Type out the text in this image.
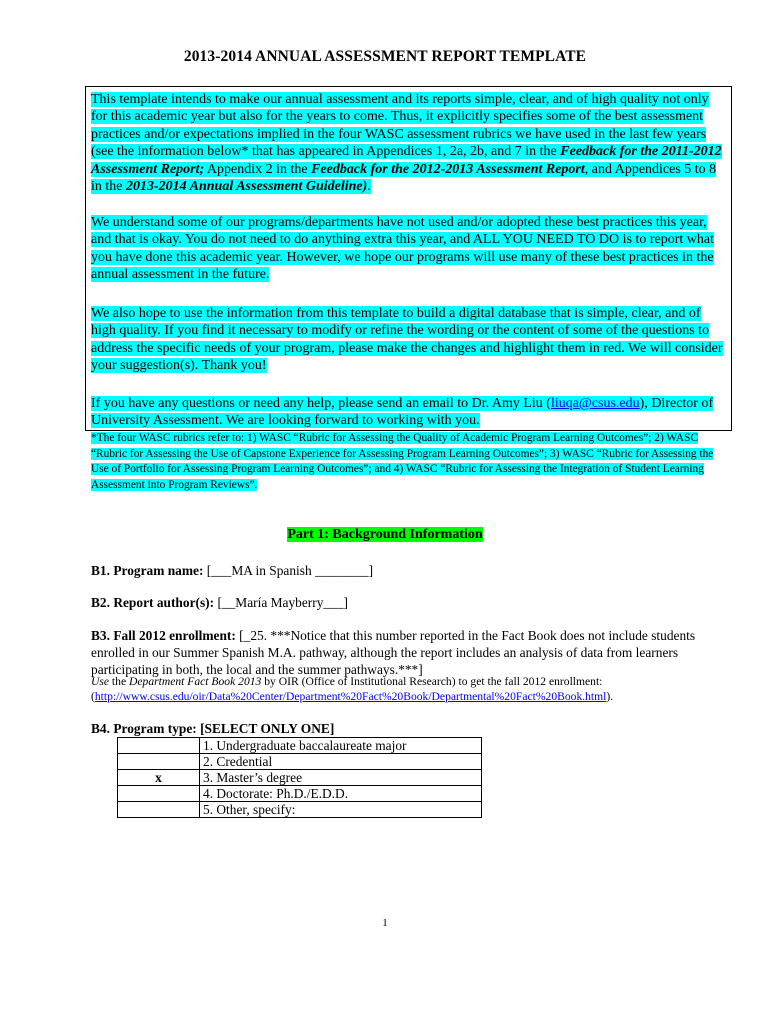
2013-2014 ANNUAL ASSESSMENT REPORT TEMPLATE
This template intends to make our annual assessment and its reports simple, clear, and of high quality not only for this academic year but also for the years to come. Thus, it explicitly specifies some of the best assessment practices and/or expectations implied in the four WASC assessment rubrics we have used in the last few years (see the information below* that has appeared in Appendices 1, 2a, 2b, and 7 in the Feedback for the 2011-2012 Assessment Report; Appendix 2 in the Feedback for the 2012-2013 Assessment Report, and Appendices 5 to 8 in the 2013-2014 Annual Assessment Guideline).
We understand some of our programs/departments have not used and/or adopted these best practices this year, and that is okay. You do not need to do anything extra this year, and ALL YOU NEED TO DO is to report what you have done this academic year. However, we hope our programs will use many of these best practices in the annual assessment in the future.
We also hope to use the information from this template to build a digital database that is simple, clear, and of high quality. If you find it necessary to modify or refine the wording or the content of some of the questions to address the specific needs of your program, please make the changes and highlight them in red. We will consider your suggestion(s). Thank you!
If you have any questions or need any help, please send an email to Dr. Amy Liu (liuqa@csus.edu), Director of University Assessment. We are looking forward to working with you.
*The four WASC rubrics refer to: 1) WASC “Rubric for Assessing the Quality of Academic Program Learning Outcomes”; 2) WASC “Rubric for Assessing the Use of Capstone Experience for Assessing Program Learning Outcomes”; 3) WASC “Rubric for Assessing the Use of Portfolio for Assessing Program Learning Outcomes”; and 4) WASC “Rubric for Assessing the Integration of Student Learning Assessment into Program Reviews”.
Part 1: Background Information
B1. Program name: [___MA in Spanish ________]
B2. Report author(s): [__María Mayberry___]
B3. Fall 2012 enrollment: [_25. ***Notice that this number reported in the Fact Book does not include students enrolled in our Summer Spanish M.A. pathway, although the report includes an analysis of data from learners participating in both, the local and the summer pathways.***]
Use the Department Fact Book 2013 by OIR (Office of Institutional Research) to get the fall 2012 enrollment:
(http://www.csus.edu/oir/Data%20Center/Department%20Fact%20Book/Departmental%20Fact%20Book.html).
B4. Program type: [SELECT ONLY ONE]
	1. Undergraduate baccalaureate major
	2. Credential
x	3. Master’s degree
	4. Doctorate: Ph.D./E.D.D.
	5. Other, specify:
1
